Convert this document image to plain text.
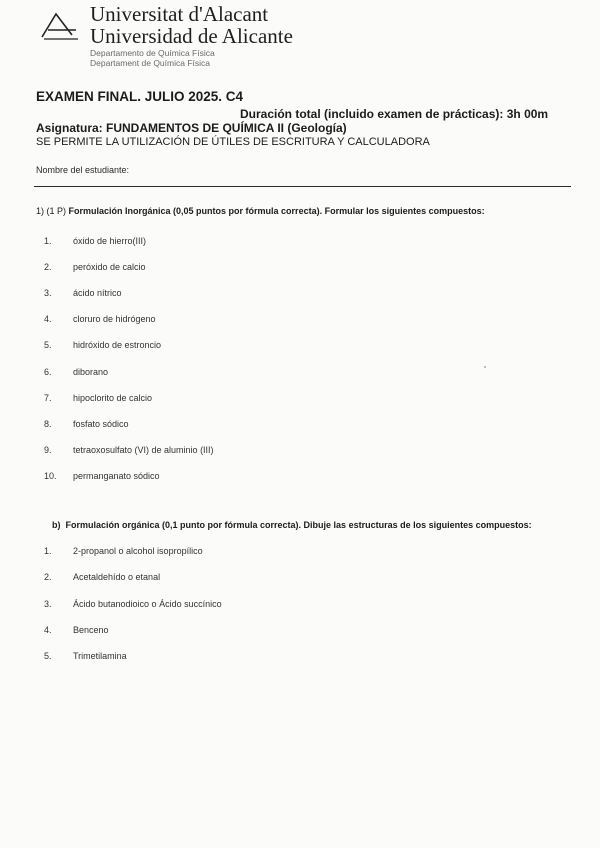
Universitat d'Alacant
Universidad de Alicante
Departamento de Química Física
Departament de Química Física
EXAMEN FINAL. JULIO 2025. C4
Duración total (incluido examen de prácticas): 3h 00m
Asignatura: FUNDAMENTOS DE QUÍMICA II (Geología)
SE PERMITE LA UTILIZACIÓN DE ÚTILES DE ESCRITURA Y CALCULADORA
Nombre del estudiante:
1) (1 P) Formulación Inorgánica (0,05 puntos por fórmula correcta). Formular los siguientes compuestos:
1. óxido de hierro(III)
2. peróxido de calcio
3. ácido nítrico
4. cloruro de hidrógeno
5. hidróxido de estroncio
6. diborano
7. hipoclorito de calcio
8. fosfato sódico
9. tetraoxosulfato (VI) de aluminio (III)
10. permanganato sódico
b) Formulación orgánica (0,1 punto por fórmula correcta). Dibuje las estructuras de los siguientes compuestos:
1. 2-propanol o alcohol isopropílico
2. Acetaldehído o etanal
3. Ácido butanodioico o Ácido succínico
4. Benceno
5. Trimetilamina
